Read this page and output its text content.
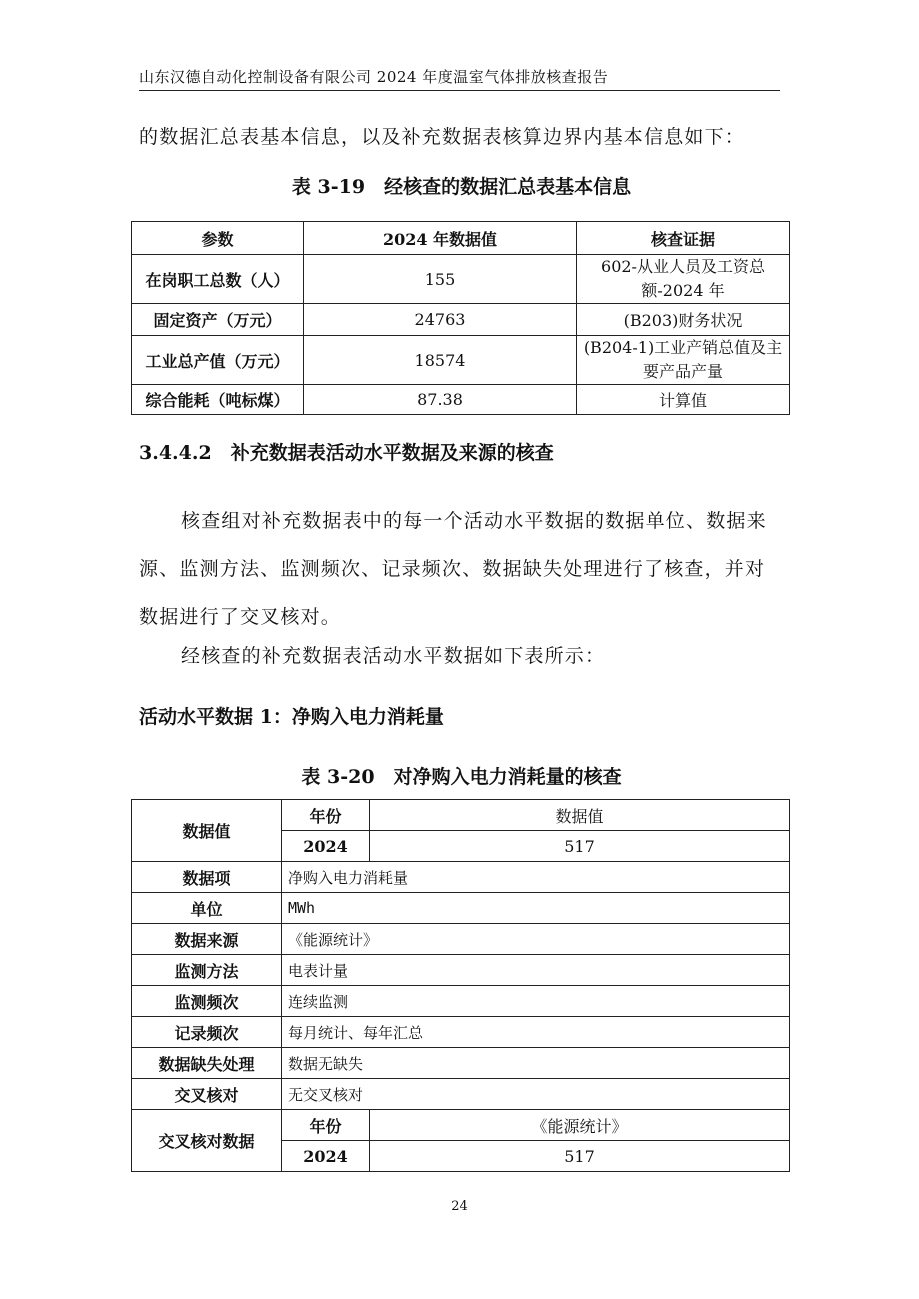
山东汉德自动化控制设备有限公司 2024 年度温室气体排放核查报告
的数据汇总表基本信息，以及补充数据表核算边界内基本信息如下：
表 3-19　经核查的数据汇总表基本信息
参数	2024 年数据值	核查证据
在岗职工总数（人）	155	602-从业人员及工资总额-2024 年
固定资产（万元）	24763	(B203)财务状况
工业总产值（万元）	18574	(B204-1)工业产销总值及主要产品产量
综合能耗（吨标煤）	87.38	计算值
3.4.4.2　补充数据表活动水平数据及来源的核查
核查组对补充数据表中的每一个活动水平数据的数据单位、数据来源、监测方法、监测频次、记录频次、数据缺失处理进行了核查，并对数据进行了交叉核对。
经核查的补充数据表活动水平数据如下表所示：
活动水平数据 1：净购入电力消耗量
表 3-20　对净购入电力消耗量的核查
数据值	年份	数据值
	2024	517
数据项	净购入电力消耗量	
单位	MWh	
数据来源	《能源统计》	
监测方法	电表计量	
监测频次	连续监测	
记录频次	每月统计、每年汇总	
数据缺失处理	数据无缺失	
交叉核对	无交叉核对	
交叉核对数据	年份	《能源统计》
	2024	517
24
